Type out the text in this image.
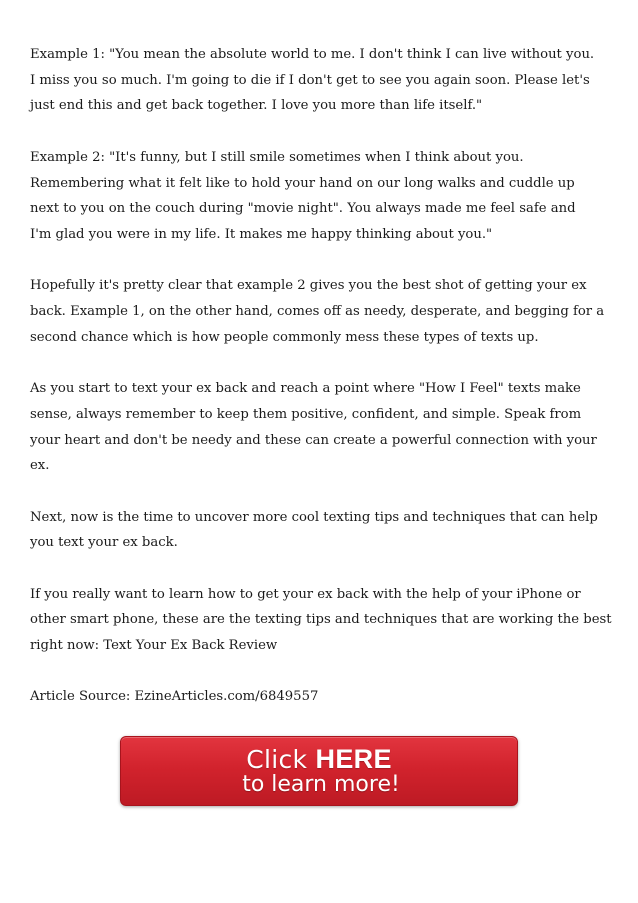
Example 1: "You mean the absolute world to me. I don't think I can live without you.
I miss you so much. I'm going to die if I don't get to see you again soon. Please let's
just end this and get back together. I love you more than life itself."

Example 2: "It's funny, but I still smile sometimes when I think about you.
Remembering what it felt like to hold your hand on our long walks and cuddle up
next to you on the couch during "movie night". You always made me feel safe and
I'm glad you were in my life. It makes me happy thinking about you."

Hopefully it's pretty clear that example 2 gives you the best shot of getting your ex
back. Example 1, on the other hand, comes off as needy, desperate, and begging for a
second chance which is how people commonly mess these types of texts up.

As you start to text your ex back and reach a point where "How I Feel" texts make
sense, always remember to keep them positive, confident, and simple. Speak from
your heart and don't be needy and these can create a powerful connection with your
ex.

Next, now is the time to uncover more cool texting tips and techniques that can help
you text your ex back.

If you really want to learn how to get your ex back with the help of your iPhone or
other smart phone, these are the texting tips and techniques that are working the best
right now: Text Your Ex Back Review

Article Source: EzineArticles.com/6849557

Click HERE
to learn more!
